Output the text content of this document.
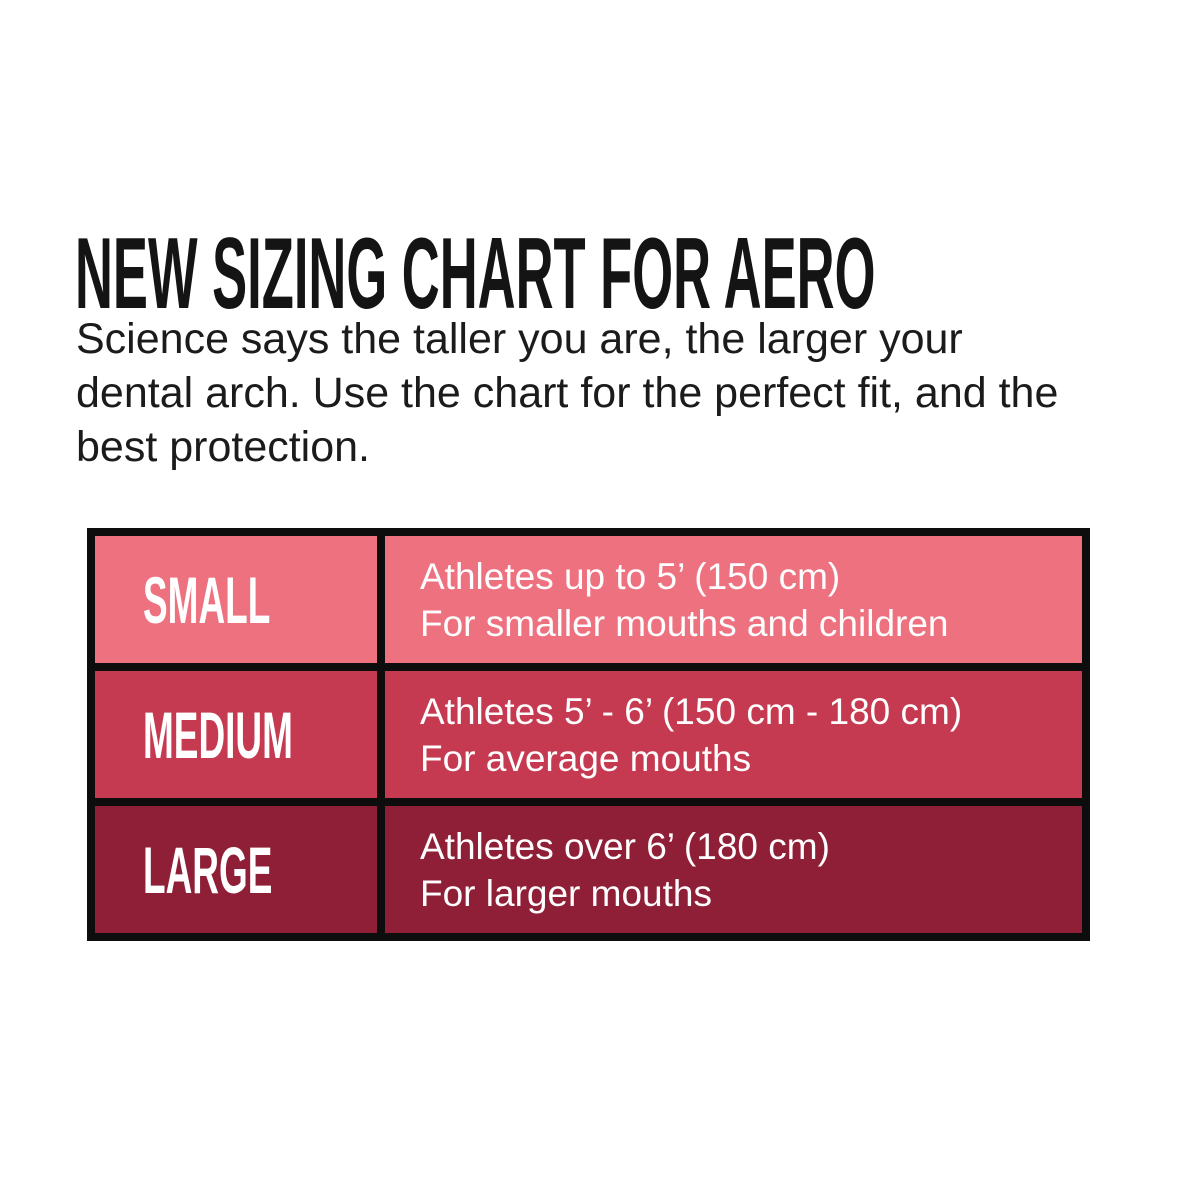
NEW SIZING CHART FOR AERO
Science says the taller you are, the larger your
dental arch. Use the chart for the perfect fit, and the
best protection.
SMALL	Athletes up to 5’ (150 cm)
For smaller mouths and children
MEDIUM	Athletes 5’ - 6’ (150 cm - 180 cm)
For average mouths
LARGE	Athletes over 6’ (180 cm)
For larger mouths
